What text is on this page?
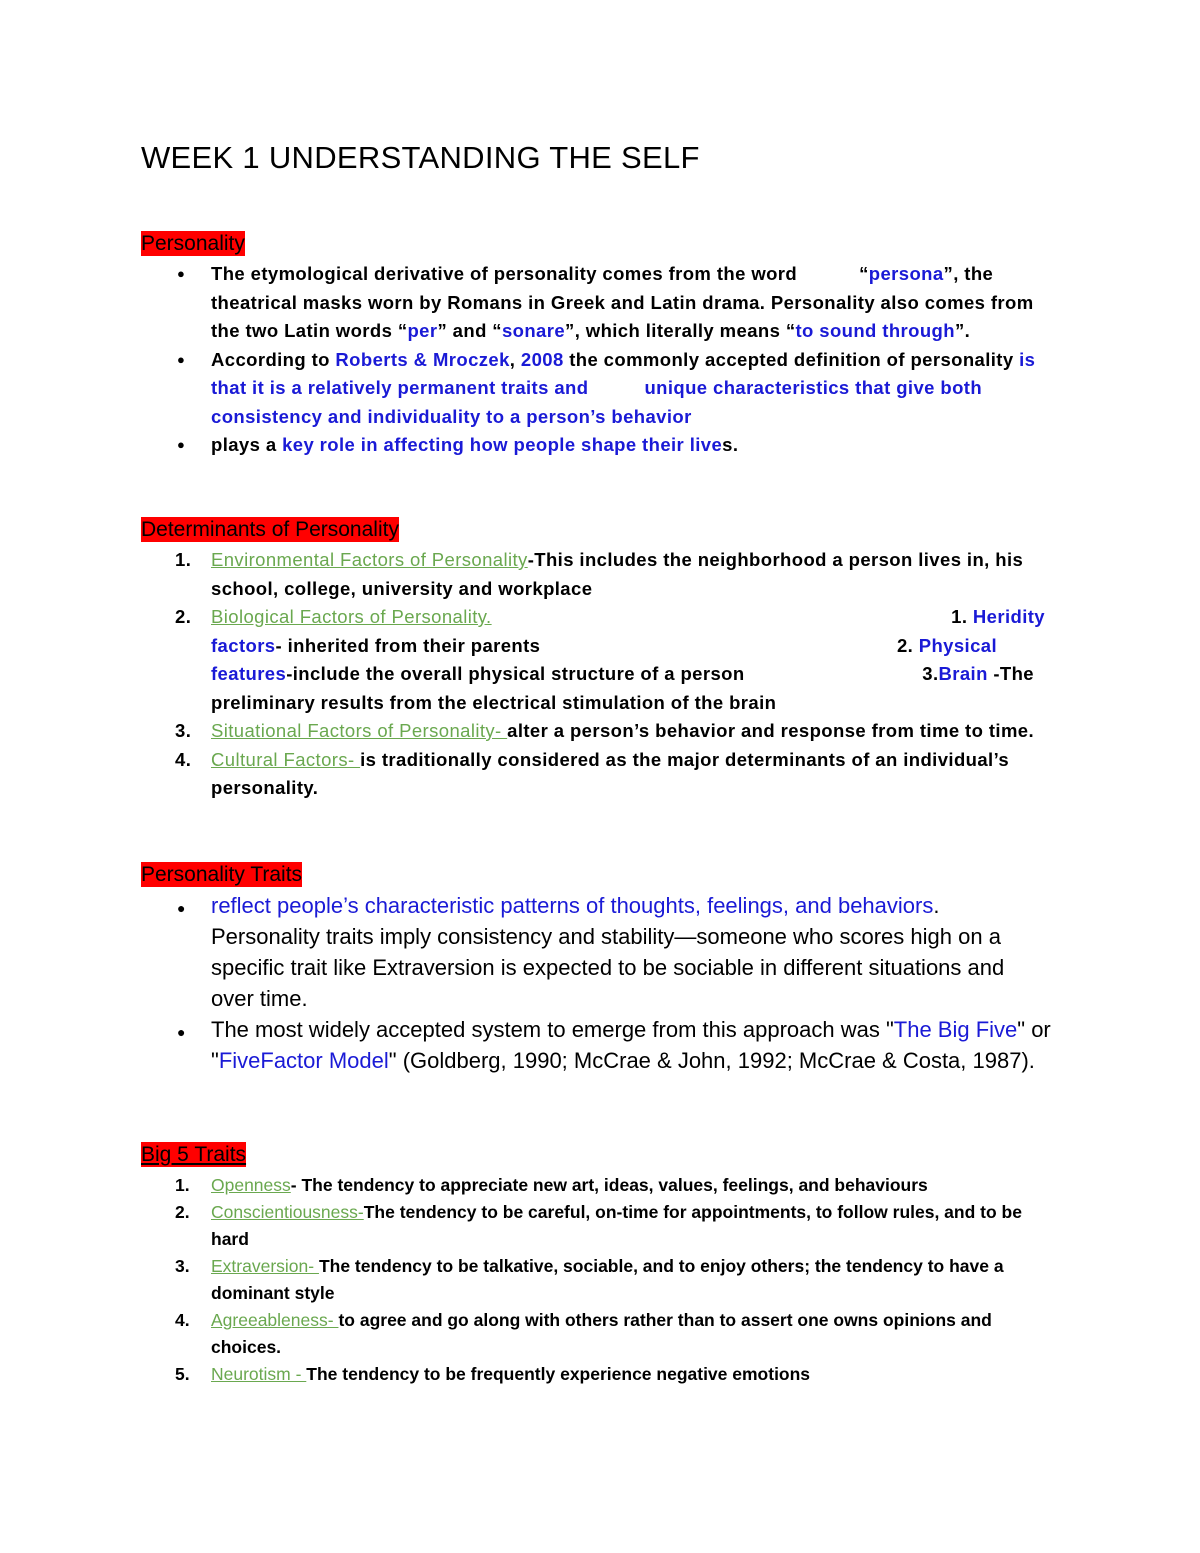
WEEK 1 UNDERSTANDING THE SELF
Personality
● The etymological derivative of personality comes from the word	“persona”, the theatrical masks worn by Romans in Greek and Latin drama. Personality also comes from the two Latin words “per” and “sonare”, which literally means “to sound through”.
● According to Roberts & Mroczek, 2008 the commonly accepted definition of personality is that it is a relatively permanent traits and	unique characteristics that give both consistency and individuality to a person’s behavior
● plays a key role in affecting how people shape their lives.
Determinants of Personality
1. Environmental Factors of Personality-This includes the neighborhood a person lives in, his school, college, university and workplace
2. Biological Factors of Personality.	1. Heridity
factors- inherited from their parents	2. Physical
features-include the overall physical structure of a person	3.Brain -The
preliminary results from the electrical stimulation of the brain
3. Situational Factors of Personality- alter a person’s behavior and response from time to time.
4. Cultural Factors- is traditionally considered as the major determinants of an individual’s personality.
Personality Traits
● reflect people’s characteristic patterns of thoughts, feelings, and behaviors. Personality traits imply consistency and stability—someone who scores high on a specific trait like Extraversion is expected to be sociable in different situations and over time.
● The most widely accepted system to emerge from this approach was "The Big Five" or "FiveFactor Model" (Goldberg, 1990; McCrae & John, 1992; McCrae & Costa, 1987).
Big 5 Traits
1. Openness- The tendency to appreciate new art, ideas, values, feelings, and behaviours
2. Conscientiousness-The tendency to be careful, on-time for appointments, to follow rules, and to be hard
3. Extraversion- The tendency to be talkative, sociable, and to enjoy others; the tendency to have a dominant style
4. Agreeableness- to agree and go along with others rather than to assert one owns opinions and choices.
5. Neurotism - The tendency to be frequently experience negative emotions
